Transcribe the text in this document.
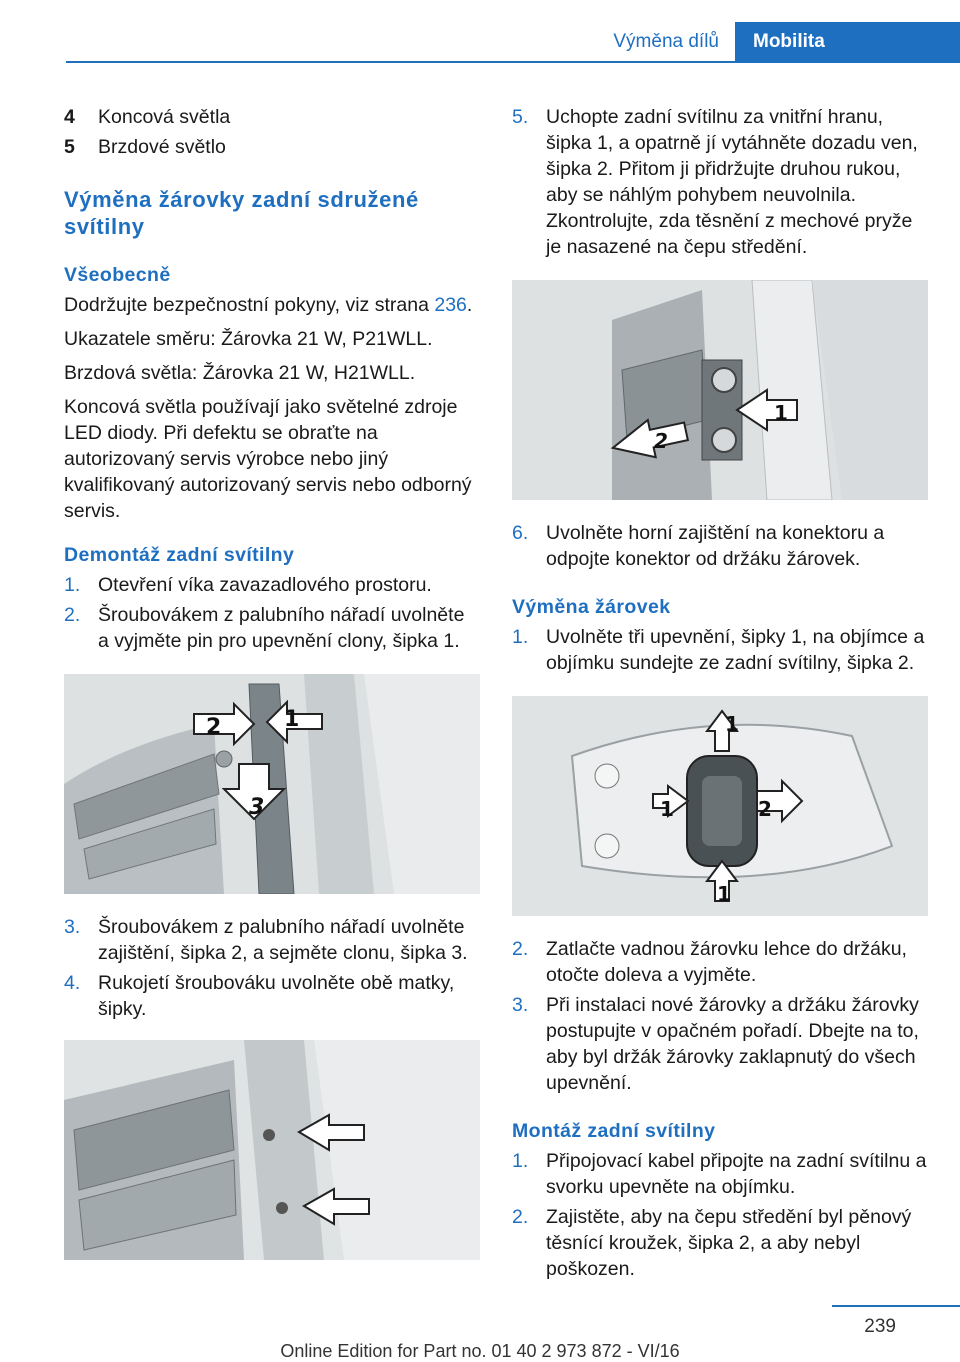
Výměna dílů	Mobilita
4	Koncová světla
5	Brzdové světlo
Výměna žárovky zadní sdružené svítilny
Všeobecně

Dodržujte bezpečnostní pokyny, viz strana 236.

Ukazatele směru: Žárovka 21 W, P21WLL.

Brzdová světla: Žárovka 21 W, H21WLL.

Koncová světla používají jako světelné zdroje LED diody. Při defektu se obraťte na autorizovaný servis výrobce nebo jiný kvalifikovaný autorizovaný servis nebo odborný servis.

Demontáž zadní svítilny
1. Otevření víka zavazadlového prostoru.
2. Šroubovákem z palubního nářadí uvolněte a vyjměte pin pro upevnění clony, šipka 1.
2	1
3
3. Šroubovákem z palubního nářadí uvolněte zajištění, šipka 2, a sejměte clonu, šipka 3.
4. Rukojetí šroubováku uvolněte obě matky, šipky.
5. Uchopte zadní svítilnu za vnitřní hranu, šipka 1, a opatrně jí vytáhněte dozadu ven, šipka 2. Přitom ji přidržujte druhou rukou, aby se náhlým pohybem neuvolnila. Zkontrolujte, zda těsnění z mechové pryže je nasazené na čepu středění.
1
2
6. Uvolněte horní zajištění na konektoru a odpojte konektor od držáku žárovek.
Výměna žárovek
1. Uvolněte tři upevnění, šipky 1, na objímce a objímku sundejte ze zadní svítilny, šipka 2.
1
1	2
1
2. Zatlačte vadnou žárovku lehce do držáku, otočte doleva a vyjměte.
3. Při instalaci nové žárovky a držáku žárovky postupujte v opačném pořadí. Dbejte na to, aby byl držák žárovky zaklapnutý do všech upevnění.
Montáž zadní svítilny
1. Připojovací kabel připojte na zadní svítilnu a svorku upevněte na objímku.
2. Zajistěte, aby na čepu středění byl pěnový těsnící kroužek, šipka 2, a aby nebyl poškozen.
239
Online Edition for Part no. 01 40 2 973 872 - VI/16
